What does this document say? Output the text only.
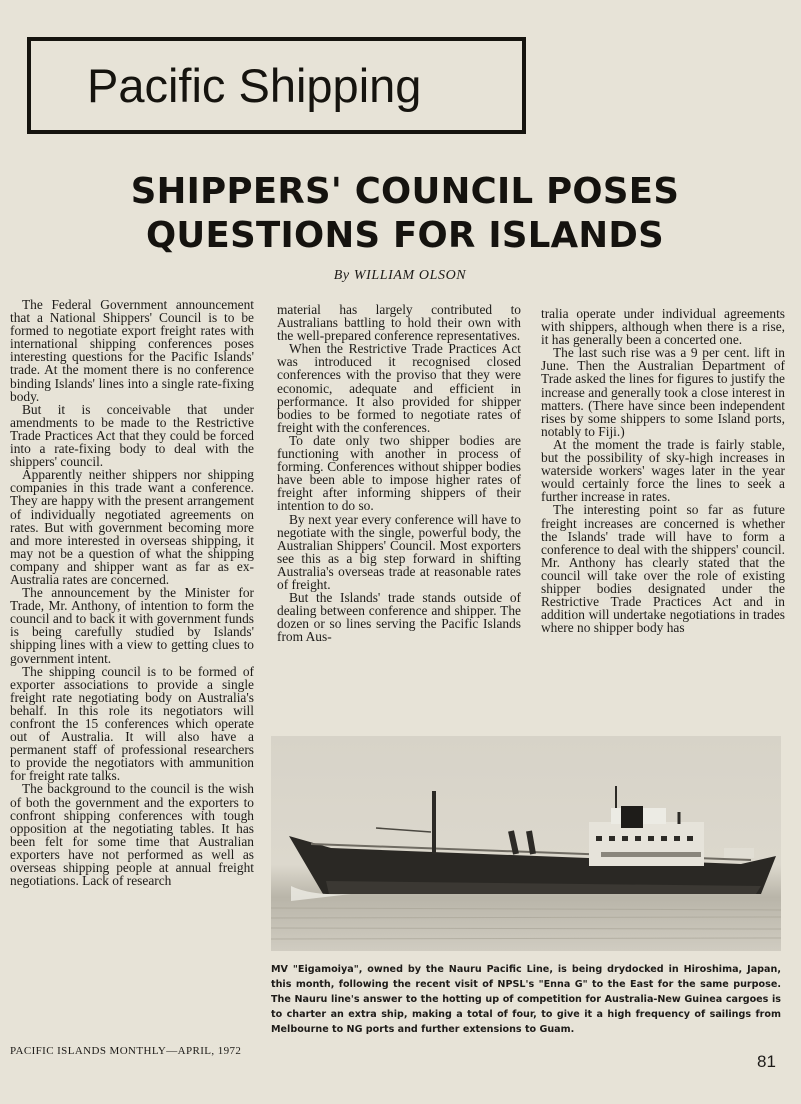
Pacific Shipping
SHIPPERS' COUNCIL POSES
QUESTIONS FOR ISLANDS
By WILLIAM OLSON

The Federal Government announcement that a National Shippers' Council is to be formed to negotiate export freight rates with international shipping conferences poses interesting questions for the Pacific Islands' trade. At the moment there is no conference binding Islands' lines into a single rate-fixing body.

But it is conceivable that under amendments to be made to the Restrictive Trade Practices Act that they could be forced into a rate-fixing body to deal with the shippers' council.

Apparently neither shippers nor shipping companies in this trade want a conference. They are happy with the present arrangement of individually negotiated agreements on rates. But with government becoming more and more interested in overseas shipping, it may not be a question of what the shipping company and shipper want as far as ex-Australia rates are concerned.

The announcement by the Minister for Trade, Mr. Anthony, of intention to form the council and to back it with government funds is being carefully studied by Islands' shipping lines with a view to getting clues to government intent.

The shipping council is to be formed of exporter associations to provide a single freight rate negotiating body on Australia's behalf. In this role its negotiators will confront the 15 conferences which operate out of Australia. It will also have a permanent staff of professional researchers to provide the negotiators with ammunition for freight rate talks.

The background to the council is the wish of both the government and the exporters to confront shipping conferences with tough opposition at the negotiating tables. It has been felt for some time that Australian exporters have not performed as well as overseas shipping people at annual freight negotiations. Lack of research

material has largely contributed to Australians battling to hold their own with the well-prepared conference representatives.

When the Restrictive Trade Practices Act was introduced it recognised closed conferences with the proviso that they were economic, adequate and efficient in performance. It also provided for shipper bodies to be formed to negotiate rates of freight with the conferences.

To date only two shipper bodies are functioning with another in process of forming. Conferences without shipper bodies have been able to impose higher rates of freight after informing shippers of their intention to do so.

By next year every conference will have to negotiate with the single, powerful body, the Australian Shippers' Council. Most exporters see this as a big step forward in shifting Australia's overseas trade at reasonable rates of freight.

But the Islands' trade stands outside of dealing between conference and shipper. The dozen or so lines serving the Pacific Islands from Aus-

tralia operate under individual agreements with shippers, although when there is a rise, it has generally been a concerted one.

The last such rise was a 9 per cent. lift in June. Then the Australian Department of Trade asked the lines for figures to justify the increase and generally took a close interest in matters. (There have since been independent rises by some shippers to some Island ports, notably to Fiji.)

At the moment the trade is fairly stable, but the possibility of sky-high increases in waterside workers' wages later in the year would certainly force the lines to seek a further increase in rates.

The interesting point so far as future freight increases are concerned is whether the Islands' trade will have to form a conference to deal with the shippers' council. Mr. Anthony has clearly stated that the council will take over the role of existing shipper bodies designated under the Restrictive Trade Practices Act and in addition will undertake negotiations in trades where no shipper body has

MV "Eigamoiya", owned by the Nauru Pacific Line, is being drydocked in Hiroshima, Japan, this month, following the recent visit of NPSL's "Enna G" to the East for the same purpose. The Nauru line's answer to the hotting up of competition for Australia-New Guinea cargoes is to charter an extra ship, making a total of four, to give it a high frequency of sailings from Melbourne to NG ports and further extensions to Guam.
PACIFIC ISLANDS MONTHLY—APRIL, 1972
81
